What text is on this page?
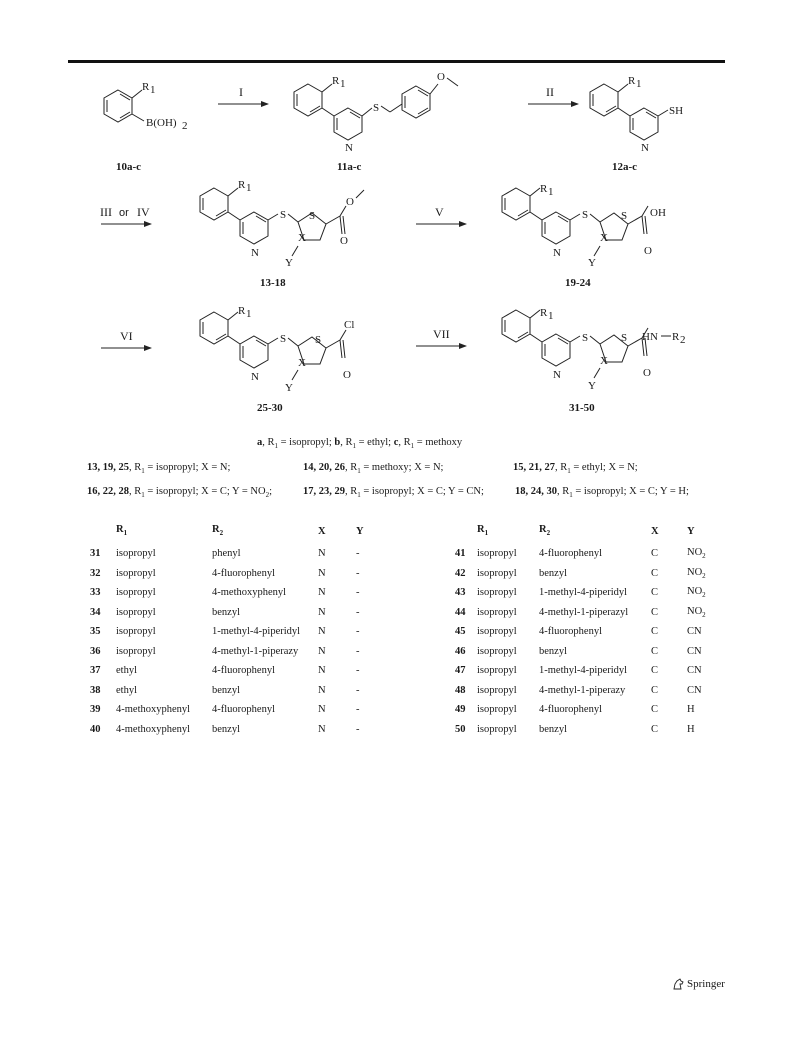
R 1
B(OH) 2
10a-c
I
R 1
N
S
O
11a-c
II
R 1
N
SH
12a-c
III or IV
R 1
N
S S
X
Y
O
O
13-18
V
R 1
N
S	S
X
Y
O
OH
19-24
VI
R 1
N
S	S
X
Y
O
Cl
25-30
VII
R 1
N
S	S
X
Y
O
HN R 2
31-50
a, $R_1$ = isopropyl; b, $R_1$ = ethyl; c, $R_1$ = methoxy
13, 19, 25, $R_1$ = isopropyl; X = N;	14, 20, 26, $R_1$ = methoxy; X = N;	15, 21, 27, $R_1$ = ethyl; X = N;
16, 22, 28, $R_1$ = isopropyl; X = C; $Y = NO_2$;	17, 23, 29, $R_1$ = isopropyl; X = C; Y = CN;	18, 24, 30, $R_1$ = isopropyl; X = C; Y = H;
	$R_1$	$R_2$	X	Y
31	isopropyl	phenyl	N	-
32	isopropyl	4-fluorophenyl	N	-
33	isopropyl	4-methoxyphenyl	N	-
34	isopropyl	benzyl	N	-
35	isopropyl	1-methyl-4-piperidyl	N	-
36	isopropyl	4-methyl-1-piperazy	N	-
37	ethyl	4-fluorophenyl	N	-
38	ethyl	benzyl	N	-
39	4-methoxyphenyl	4-fluorophenyl	N	-
40	4-methoxyphenyl	benzyl	N	-
	$R_1$	$R_2$	X	Y
41	isopropyl	4-fluorophenyl	C	$NO_2$
42	isopropyl	benzyl	C	$NO_2$
43	isopropyl	1-methyl-4-piperidyl	C	$NO_2$
44	isopropyl	4-methyl-1-piperazyl	C	$NO_2$
45	isopropyl	4-fluorophenyl	C	CN
46	isopropyl	benzyl	C	CN
47	isopropyl	1-methyl-4-piperidyl	C	CN
48	isopropyl	4-methyl-1-piperazy	C	CN
49	isopropyl	4-fluorophenyl	C	H
50	isopropyl	benzyl	C	H
Springer
